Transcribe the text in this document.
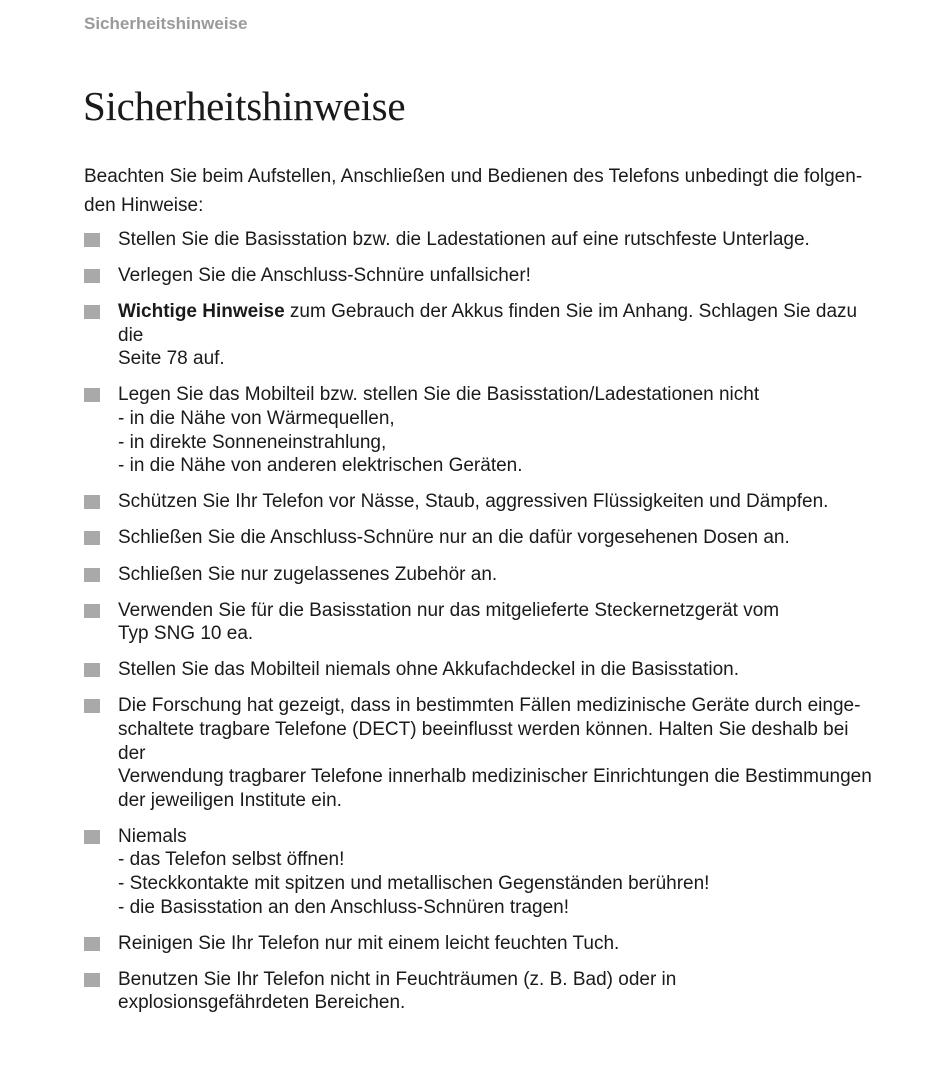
Sicherheitshinweise
Sicherheitshinweise

Beachten Sie beim Aufstellen, Anschließen und Bedienen des Telefons unbedingt die folgen-
den Hinweise:

Stellen Sie die Basisstation bzw. die Ladestationen auf eine rutschfeste Unterlage.
Verlegen Sie die Anschluss-Schnüre unfallsicher!
Wichtige Hinweise zum Gebrauch der Akkus finden Sie im Anhang. Schlagen Sie dazu die
Seite 78 auf.
Legen Sie das Mobilteil bzw. stellen Sie die Basisstation/Ladestationen nicht
- in die Nähe von Wärmequellen,
- in direkte Sonneneinstrahlung,
- in die Nähe von anderen elektrischen Geräten.
Schützen Sie Ihr Telefon vor Nässe, Staub, aggressiven Flüssigkeiten und Dämpfen.
Schließen Sie die Anschluss-Schnüre nur an die dafür vorgesehenen Dosen an.
Schließen Sie nur zugelassenes Zubehör an.
Verwenden Sie für die Basisstation nur das mitgelieferte Steckernetzgerät vom
Typ SNG 10 ea.
Stellen Sie das Mobilteil niemals ohne Akkufachdeckel in die Basisstation.
Die Forschung hat gezeigt, dass in bestimmten Fällen medizinische Geräte durch einge-
schaltete tragbare Telefone (DECT) beeinflusst werden können. Halten Sie deshalb bei der
Verwendung tragbarer Telefone innerhalb medizinischer Einrichtungen die Bestimmungen
der jeweiligen Institute ein.
Niemals
- das Telefon selbst öffnen!
- Steckkontakte mit spitzen und metallischen Gegenständen berühren!
- die Basisstation an den Anschluss-Schnüren tragen!
Reinigen Sie Ihr Telefon nur mit einem leicht feuchten Tuch.
Benutzen Sie Ihr Telefon nicht in Feuchträumen (z. B. Bad) oder in
explosionsgefährdeten Bereichen.
